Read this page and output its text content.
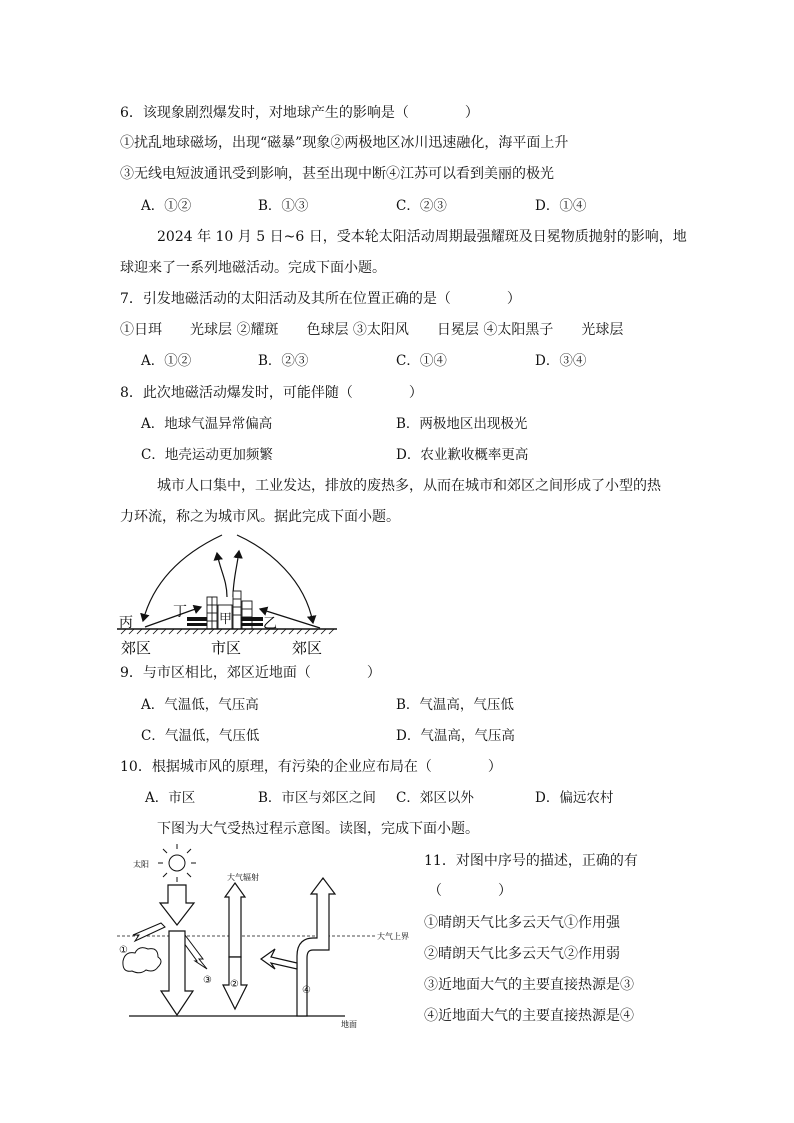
6．该现象剧烈爆发时，对地球产生的影响是（　　　　）
①扰乱地球磁场，出现“磁暴”现象②两极地区冰川迅速融化，海平面上升
③无线电短波通讯受到影响，甚至出现中断④江苏可以看到美丽的极光
A．①②	B．①③	C．②③	D．①④
2024 年 10 月 5 日~6 日，受本轮太阳活动周期最强耀斑及日冕物质抛射的影响，地
球迎来了一系列地磁活动。完成下面小题。
7．引发地磁活动的太阳活动及其所在位置正确的是（　　　　）
①日珥　　光球层 ②耀斑　　色球层 ③太阳风　　日冕层 ④太阳黑子　　光球层
A．①②	B．②③	C．①④	D．③④
8．此次地磁活动爆发时，可能伴随（　　　　）
A．地球气温异常偏高	B．两极地区出现极光
C．地壳运动更加频繁	D．农业歉收概率更高
城市人口集中，工业发达，排放的废热多，从而在城市和郊区之间形成了小型的热
力环流，称之为城市风。据此完成下面小题。
丙
丁 甲 乙
郊区	市区	郊区
9．与市区相比，郊区近地面（　　　　）
A．气温低，气压高	B．气温高，气压低
C．气温低，气压低	D．气温高，气压高
10．根据城市风的原理，有污染的企业应布局在（　　　　）
A．市区	B．市区与郊区之间 C．郊区以外	D．偏远农村
下图为大气受热过程示意图。读图，完成下面小题。
太阳
大气辐射
大气上界
地面
①
③ ②
④
11．对图中序号的描述，正确的有
（　　　　）
①晴朗天气比多云天气①作用强
②晴朗天气比多云天气②作用弱
③近地面大气的主要直接热源是③
④近地面大气的主要直接热源是④
